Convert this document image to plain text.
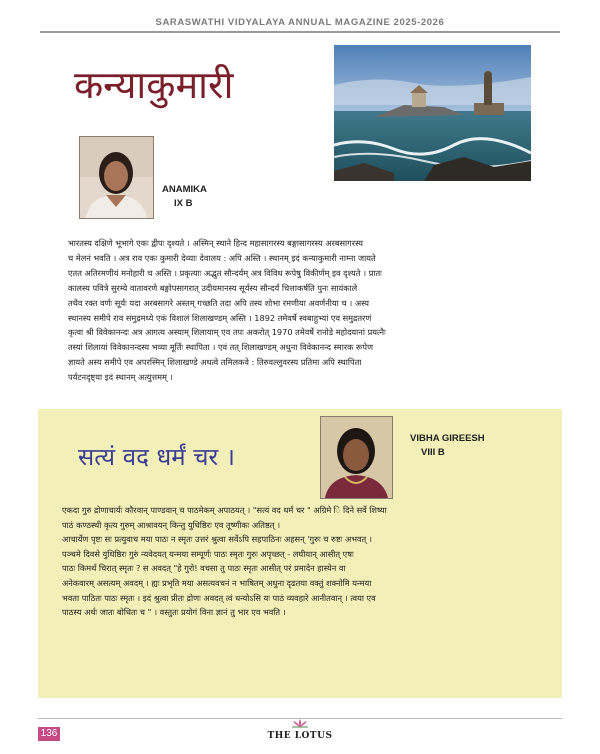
SARASWATHI VIDYALAYA ANNUAL MAGAZINE 2025-2026
कन्याकुमारी
ANAMIKA
IX B

भारतस्य दक्षिणे भूभागे एकः द्वीपः दृश्यते । अस्मिन् स्थाने हिन्द महासागरस्य बङ्गासागरस्य अरबसागरस्य

च मेलनं भवति । अत्र राव एकः कुमारी देव्याः देवालय : अपि अस्ति । स्थानम् इदं कन्याकुमारी नाम्ना जायते

एतत अतिरमणीयं मनोहारी च अस्ति । प्रकृत्याः अद्भुत सौन्दर्यम् अत्र विविध रूपेषु विकीर्णम् इव दृश्यते । प्रातः

कालस्य पवित्रे सुरम्ये वातावरणे बङ्गोपसागरात् उदीयमानस्य सूर्यस्य सौन्दर्यं चित्ताकर्षति पुनः सायंकाले

तथैव रक्त वर्णः सूर्यः यदा अरबसागरे अस्तम् गच्छति तदा अपि तस्य शोभा रमणीया अवर्णनीया च । अस्य

स्थानस्य समीपे राव समुद्रमध्ये एकं विशालं शिलाखण्डम् अस्ति । 1892 तमेवर्षे स्वबाहुभ्यां एव समुद्रतरणं

कृत्वा श्री विवेकानन्दः अत्र आगत्य अस्याम् शिलायाम् एव तपः अकरोत् 1970 तमेवर्षे रानोडे महोदयानां प्रयत्नैः

तस्यां शिलायां विवेकानन्दस्य भव्या मूर्तिः स्थापिता । एवं तत् शिलाखण्डम् अधुना विवेकानन्द स्मारक रूपेण

ज्ञायते अस्य समीपे एव अपरस्मिन् शिलाखण्डे अधत्वे तमिलकवे : तिरुवल्लुवरस्य प्रतिमा अपि स्थापिता

पर्यटनदृष्ट्या इदं स्थानम् अत्युत्तमम् ।

सत्यं वद धर्मं चर ।
VIBHA GIREESH
VIII B

एकदा गुरु द्रोणाचार्यः कौरवान् पाण्डवान् च पाठमेकम् अपाठयत् । "सत्यं वद धर्मं चर " अग्रिमे ि दिने सर्वे शिष्या

पाठं कण्ठस्थी कृत्य गुरुम् आश्रावयन् किन्तु युधिष्ठिरः एव तूष्णीकः अतिष्ठत् ।

आचार्येण पृष्टः सः प्रत्युवाच मया पाठः न स्मृतः उत्तरं श्रुत्वा सर्वेऽपि सहपाठिनः अहसन् 'गुरुः च रुष्टः अभवत् ।

पञ्चमे दिवसे युधिष्ठिरः गुरुं न्यवेदयत् यन्मया सम्पूर्णः पाठः स्मृतः गुरुः अपृच्छत् - लघीयान् आसीत् एषः

पाठः किमर्थं चिरात् स्मृतः ? स अवदत् "हे गुरो! वचसा तु पाठः स्मृतः आसीत् परं प्रमादेन हास्येन वा

अनेकवारम् असत्यम् अवदम् । ह्यः प्रभृति मया असत्यवचनं न भाषितम् अधुना दृढतया वक्तुं शक्नोमि यन्मया

भवता पाठितः पाठः स्मृतः । इदं श्रुत्वा प्रीतः द्रोणः अवदत् त्वं धन्योऽसि यः पाठं व्यवहारे आनीतवान् । त्वया एव

पाठस्य अर्थः जातः बोधितः च " । वस्तुतः प्रयोगं विना ज्ञानं तु भार एव भवति ।

136	THE LOTUS
